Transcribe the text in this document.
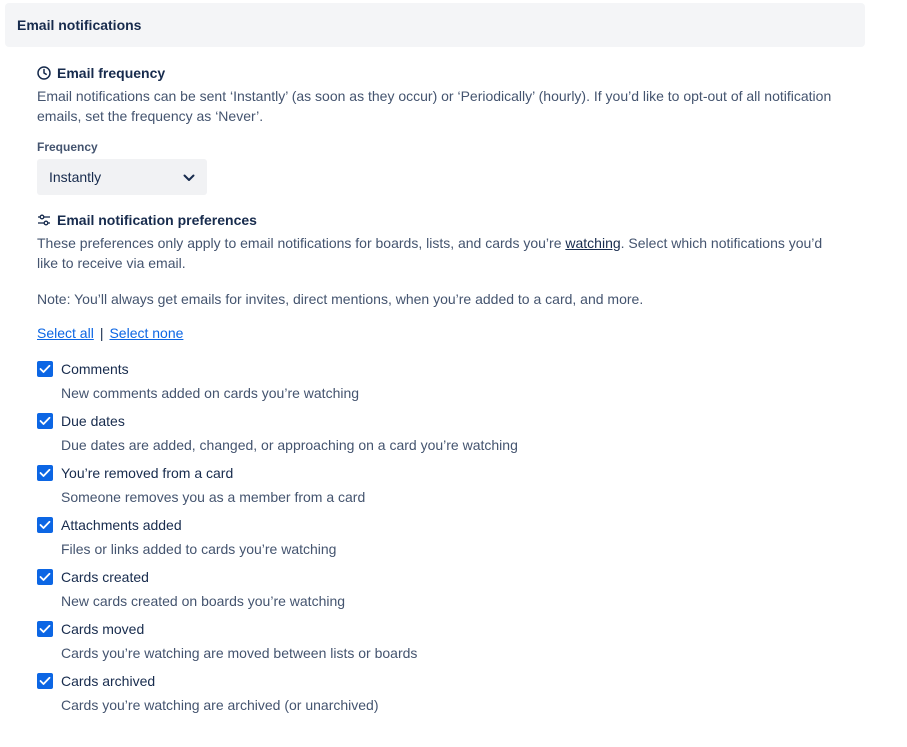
Email notifications
Email frequency

Email notifications can be sent ‘Instantly’ (as soon as they occur) or ‘Periodically’ (hourly). If you’d like to opt-out of all notification emails, set the frequency as ‘Never’.

Frequency
Instantly
Email notification preferences

These preferences only apply to email notifications for boards, lists, and cards you’re watching. Select which notifications you’d like to receive via email.

Note: You’ll always get emails for invites, direct mentions, when you’re added to a card, and more.

Select all | Select none
Comments
New comments added on cards you’re watching
Due dates
Due dates are added, changed, or approaching on a card you’re watching
You’re removed from a card
Someone removes you as a member from a card
Attachments added
Files or links added to cards you’re watching
Cards created
New cards created on boards you’re watching
Cards moved
Cards you’re watching are moved between lists or boards
Cards archived
Cards you’re watching are archived (or unarchived)
